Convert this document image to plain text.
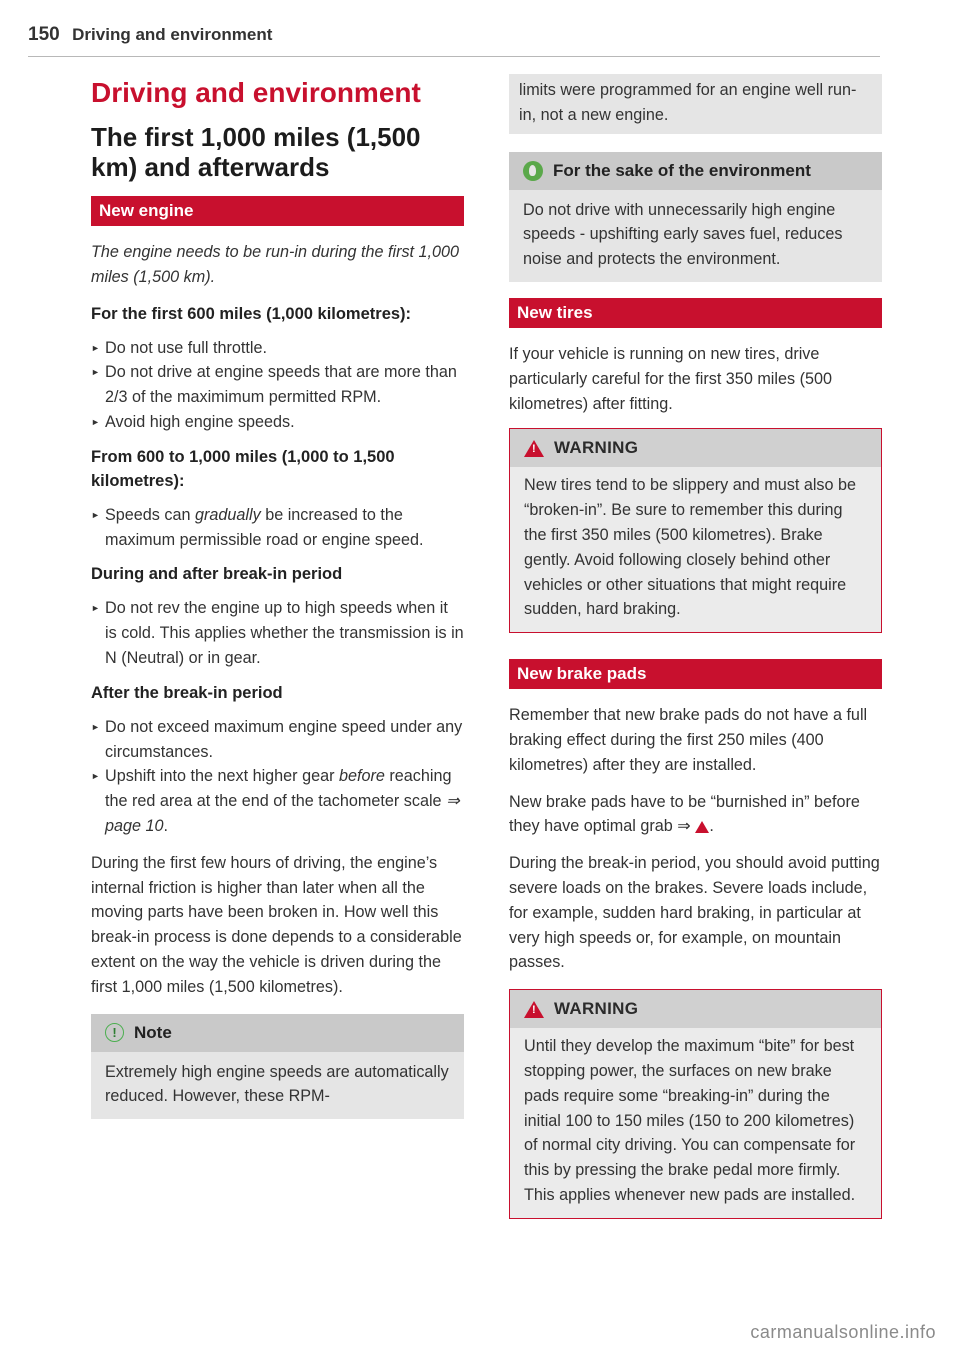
150 Driving and environment
Driving and environment
The first 1,000 miles (1,500 km) and afterwards
New engine

The engine needs to be run-in during the first 1,000 miles (1,500 km).

For the first 600 miles (1,000 kilometres):
► Do not use full throttle.
► Do not drive at engine speeds that are more than 2/3 of the maximimum permitted RPM.
► Avoid high engine speeds.
From 600 to 1,000 miles (1,000 to 1,500 kilometres):
► Speeds can gradually be increased to the maximum permissible road or engine speed.
During and after break-in period
► Do not rev the engine up to high speeds when it is cold. This applies whether the transmission is in N (Neutral) or in gear.
After the break-in period
► Do not exceed maximum engine speed under any circumstances.
► Upshift into the next higher gear before reaching the red area at the end of the tachometer scale ⇒ page 10.

During the first few hours of driving, the engine’s internal friction is higher than later when all the moving parts have been broken in. How well this break-in process is done depends to a considerable extent on the way the vehicle is driven during the first 1,000 miles (1,500 kilometres).

!	Note

Extremely high engine speeds are automatically reduced. However, these RPM-

limits were programmed for an engine well run-in, not a new engine.

For the sake of the environment

Do not drive with unnecessarily high engine speeds - upshifting early saves fuel, reduces noise and protects the environment.

New tires

If your vehicle is running on new tires, drive particularly careful for the first 350 miles (500 kilometres) after fitting.

! WARNING

New tires tend to be slippery and must also be “broken-in”. Be sure to remember this during the first 350 miles (500 kilometres). Brake gently. Avoid following closely behind other vehicles or other situations that might require sudden, hard braking.

New brake pads

Remember that new brake pads do not have a full braking effect during the first 250 miles (400 kilometres) after they are installed.

New brake pads have to be “burnished in” before they have optimal grab ⇒ .

During the break-in period, you should avoid putting severe loads on the brakes. Severe loads include, for example, sudden hard braking, in particular at very high speeds or, for example, on mountain passes.

! WARNING

Until they develop the maximum “bite” for best stopping power, the surfaces on new brake pads require some “breaking-in” during the initial 100 to 150 miles (150 to 200 kilometres) of normal city driving. You can compensate for this by pressing the brake pedal more firmly. This applies whenever new pads are installed.

carmanualsonline.info
